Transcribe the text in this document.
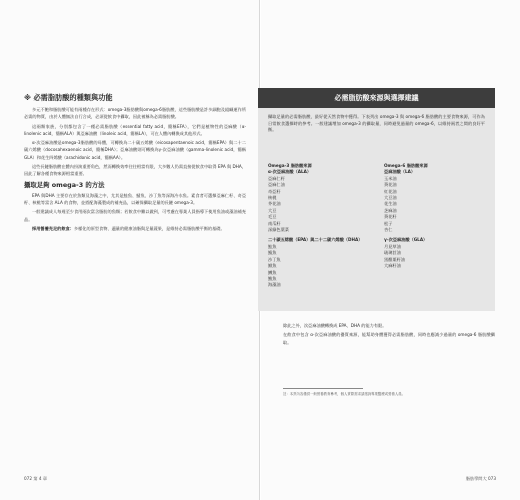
※ 必需脂肪酸的種類與功能

多元不飽和脂肪酸可能有兩種存在形式：omega-3脂肪酸與omega-6脂肪酸，這些脂肪酸是許多細胞及組織運作所必需的物質，由於人體無法自行合成，必須從飲食中攝取，因此被稱為必需脂肪酸。

這兩類家族，分別都包含了一種必需脂肪酸（essential fatty acid，簡稱EFA），它們是植物性的亞麻酸（α-linolenic acid，簡稱ALA）與亞麻油酸（linoleic acid，簡稱LA），可在人體內轉換成其他形式。

α-次亞麻油酸是omega-3脂肪酸的母體，可轉換為二十碳五烯酸（eicosapentaenoic acid，簡稱EPA）與二十二碳六烯酸（docosahexaenoic acid，簡稱DHA）；亞麻油酸則可轉換為γ-次亞麻油酸（gamma-linolenic acid，簡稱GLA）和花生四烯酸（arachidonic acid，簡稱AA）。

這些長鏈脂肪酸在體內扮演重要角色，然而轉換效率往往相當有限，大多數人仍需直接從飲食中取得 EPA 與 DHA，因此了解各種食物來源相當重要。

攝取足夠 omega-3 的方法

EPA 與DHA 主要存在於魚類及海藻之中，尤其是鮭魚、鯖魚、沙丁魚等深海冷水魚。素食者可選擇亞麻仁籽、奇亞籽、核桃等富含 ALA 的食物，並搭配海藻製成的補充品，以確保攝取足量的長鏈 omega-3。

一般建議成人每週至少食用兩次富含脂肪的魚類；若飲食中難以做到，可考慮在專業人員指導下使用魚油或藻油補充品。

採用營養充足的飲食：多樣化的原型食物、適量的健康油脂與足量蔬果，是維持必需脂肪酸平衡的基礎。

072 第 4 章	脂肪學問大 073
必需脂肪酸來源與選擇建議
攝取足量的必需脂肪酸，最好從天然食物中獲得。下表列出 omega-3 與 omega-6 脂肪酸的主要食物來源，可作為日常飲食選擇時的參考。一般建議增加 omega-3 的攝取量，同時避免過量的 omega-6，以維持兩者之間的良好平衡。
Omega-3 脂肪酸來源
α-次亞麻油酸（ALA）
亞麻仁籽
亞麻仁油
奇亞籽
核桃
芥花油
大豆
毛豆
南瓜籽
深綠色葉菜
二十碳五烯酸（EPA）與二十二碳六烯酸（DHA）
鮭魚
鯖魚
沙丁魚
鯡魚
鱒魚
鮪魚
海藻油
Omega-6 脂肪酸來源
亞麻油酸（LA）
玉米油
葵花油
紅花油
大豆油
花生油
芝麻油
葵花籽
松子
杏仁
γ-次亞麻油酸（GLA）
月見草油
琉璃苣油
黑醋栗籽油
大麻籽油

除此之外，次亞麻油酸轉換成 EPA、DHA 的能力有限。

在飲食中包含 α-次亞麻油酸的優質來源，能幫助身體獲得必需脂肪酸，同時也應減少過量的 omega-6 脂肪酸攝取。

註：本頁內容僅供一般營養教育參考，個人實際需求請諮詢專業醫療或營養人員。
